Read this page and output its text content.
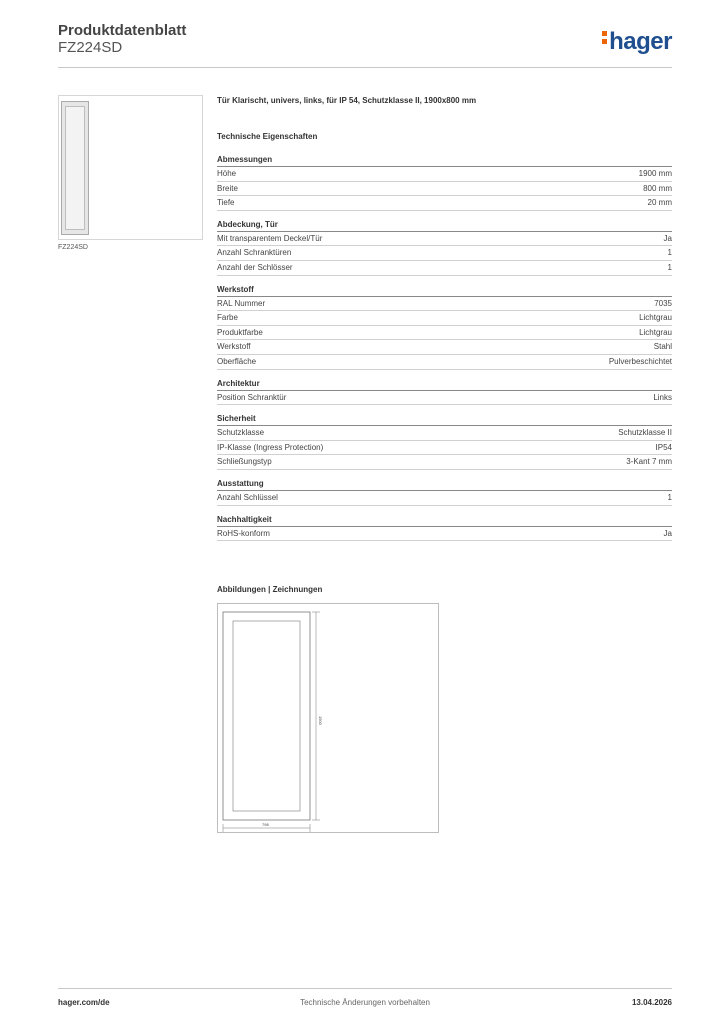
Produktdatenblatt
FZ224SD	hager
FZ224SD
Tür Klarischt, univers, links, für IP 54, Schutzklasse II, 1900x800 mm
Technische Eigenschaften
Abmessungen
Höhe	1900 mm
Breite	800 mm
Tiefe	20 mm
Abdeckung, Tür
Mit transparentem Deckel/Tür	Ja
Anzahl Schranktüren	1
Anzahl der Schlösser	1
Werkstoff
RAL Nummer	7035
Farbe	Lichtgrau
Produktfarbe	Lichtgrau
Werkstoff	Stahl
Oberfläche	Pulverbeschichtet
Architektur
Position Schranktür	Links
Sicherheit
Schutzklasse	Schutzklasse II
IP-Klasse (Ingress Protection)	IP54
Schließungstyp	3-Kant 7 mm
Ausstattung
Anzahl Schlüssel	1
Nachhaltigkeit
RoHS-konform	Ja
Abbildungen | Zeichnungen
1900
798
hager.com/de	Technische Änderungen vorbehalten	13.04.2026
